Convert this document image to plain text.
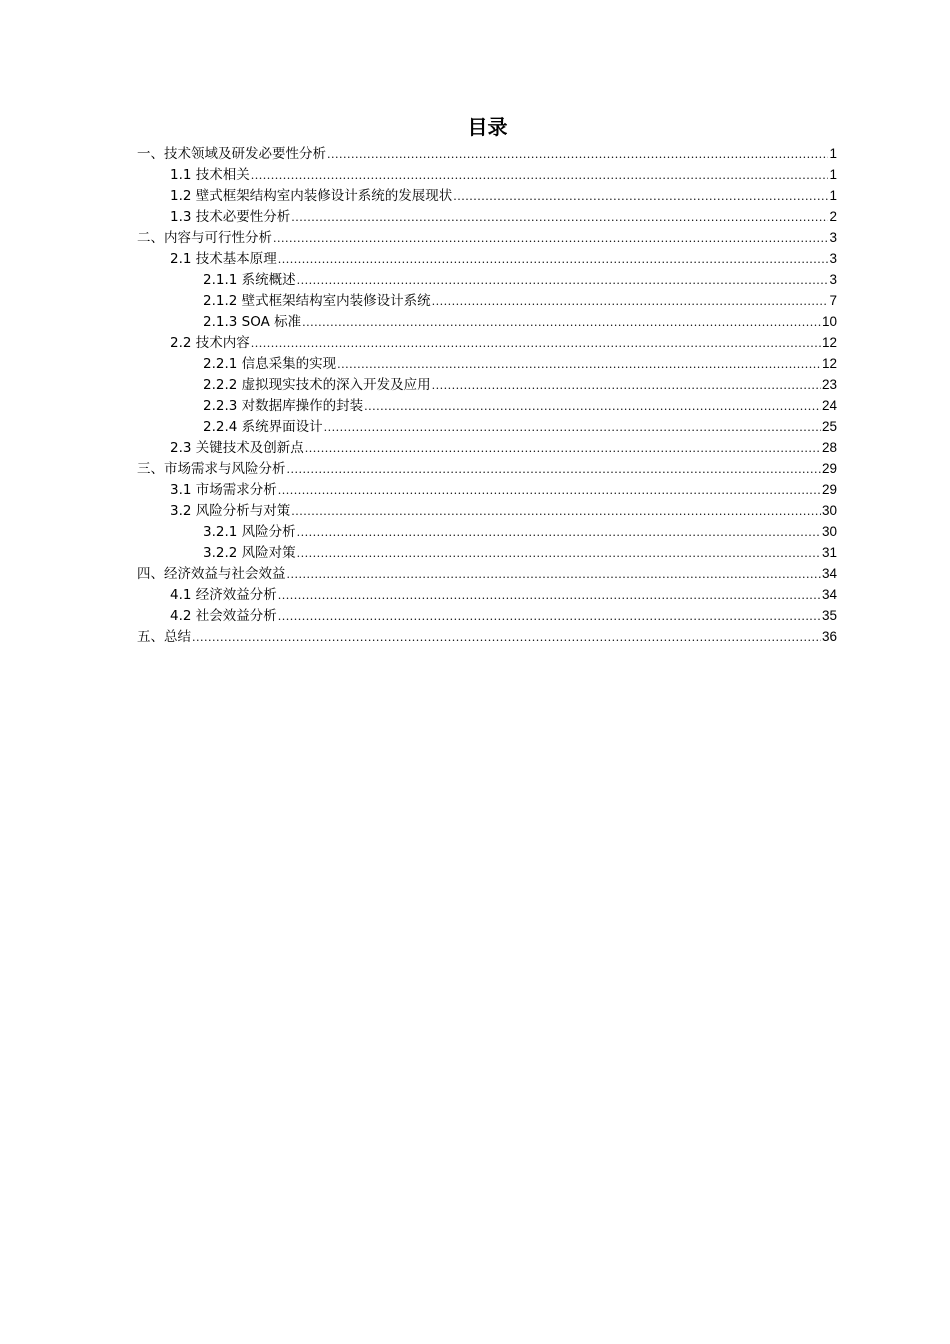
目录
一、技术领域及研发必要性分析 .....	1
1.1 技术相关 .....	1
1.2 壁式框架结构室内装修设计系统的发展现状 .....	1
1.3 技术必要性分析 .....	2
二、内容与可行性分析 .....	3
2.1 技术基本原理 .....	3
2.1.1 系统概述 .....	3
2.1.2 壁式框架结构室内装修设计系统 .....	7
2.1.3 SOA 标准 .....	10
2.2 技术内容 .....	12
2.2.1 信息采集的实现 .....	12
2.2.2 虚拟现实技术的深入开发及应用 .....	23
2.2.3 对数据库操作的封装 .....	24
2.2.4 系统界面设计 .....	25
2.3 关键技术及创新点 .....	28
三、市场需求与风险分析 .....	29
3.1 市场需求分析 .....	29
3.2 风险分析与对策 .....	30
3.2.1 风险分析 .....	30
3.2.2 风险对策 .....	31
四、经济效益与社会效益 .....	34
4.1 经济效益分析 .....	34
4.2 社会效益分析 .....	35
五、总结 .....	36
